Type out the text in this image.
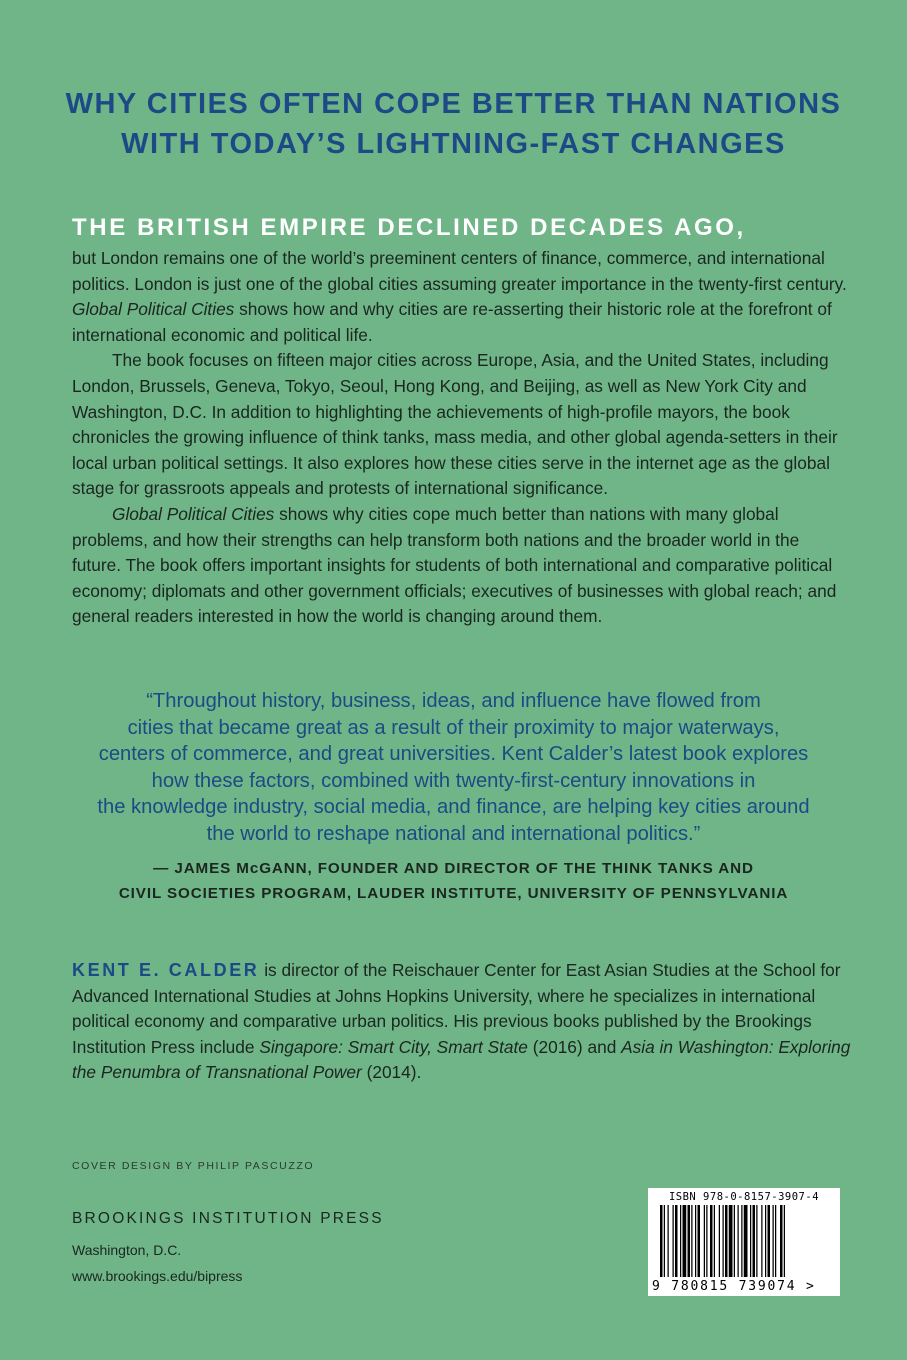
WHY CITIES OFTEN COPE BETTER THAN NATIONS
WITH TODAY’S LIGHTNING-FAST CHANGES
THE BRITISH EMPIRE DECLINED DECADES AGO,

but London remains one of the world’s preeminent centers of finance, commerce, and international politics. London is just one of the global cities assuming greater importance in the twenty-first century. Global Political Cities shows how and why cities are re-asserting their historic role at the forefront of international economic and political life.

The book focuses on fifteen major cities across Europe, Asia, and the United States, including London, Brussels, Geneva, Tokyo, Seoul, Hong Kong, and Beijing, as well as New York City and Washington, D.C. In addition to highlighting the achievements of high-profile mayors, the book chronicles the growing influence of think tanks, mass media, and other global agenda-setters in their local urban political settings. It also explores how these cities serve in the internet age as the global stage for grassroots appeals and protests of international significance.

Global Political Cities shows why cities cope much better than nations with many global problems, and how their strengths can help transform both nations and the broader world in the future. The book offers important insights for students of both international and comparative political economy; diplomats and other government officials; executives of businesses with global reach; and general readers interested in how the world is changing around them.

“Throughout history, business, ideas, and influence have flowed from
cities that became great as a result of their proximity to major waterways,
centers of commerce, and great universities. Kent Calder’s latest book explores
how these factors, combined with twenty-first-century innovations in
the knowledge industry, social media, and finance, are helping key cities around
the world to reshape national and international politics.”
— JAMES McGANN, FOUNDER AND DIRECTOR OF THE THINK TANKS AND
CIVIL SOCIETIES PROGRAM, LAUDER INSTITUTE, UNIVERSITY OF PENNSYLVANIA
KENT E. CALDER is director of the Reischauer Center for East Asian Studies at the School for Advanced International Studies at Johns Hopkins University, where he specializes in international political economy and comparative urban politics. His previous books published by the Brookings Institution Press include Singapore: Smart City, Smart State (2016) and Asia in Washington: Exploring the Penumbra of Transnational Power (2014).
COVER DESIGN BY PHILIP PASCUZZO
BROOKINGS INSTITUTION PRESS
Washington, D.C.
www.brookings.edu/bipress
ISBN 978-0-8157-3907-4
9 780815 739074 >
